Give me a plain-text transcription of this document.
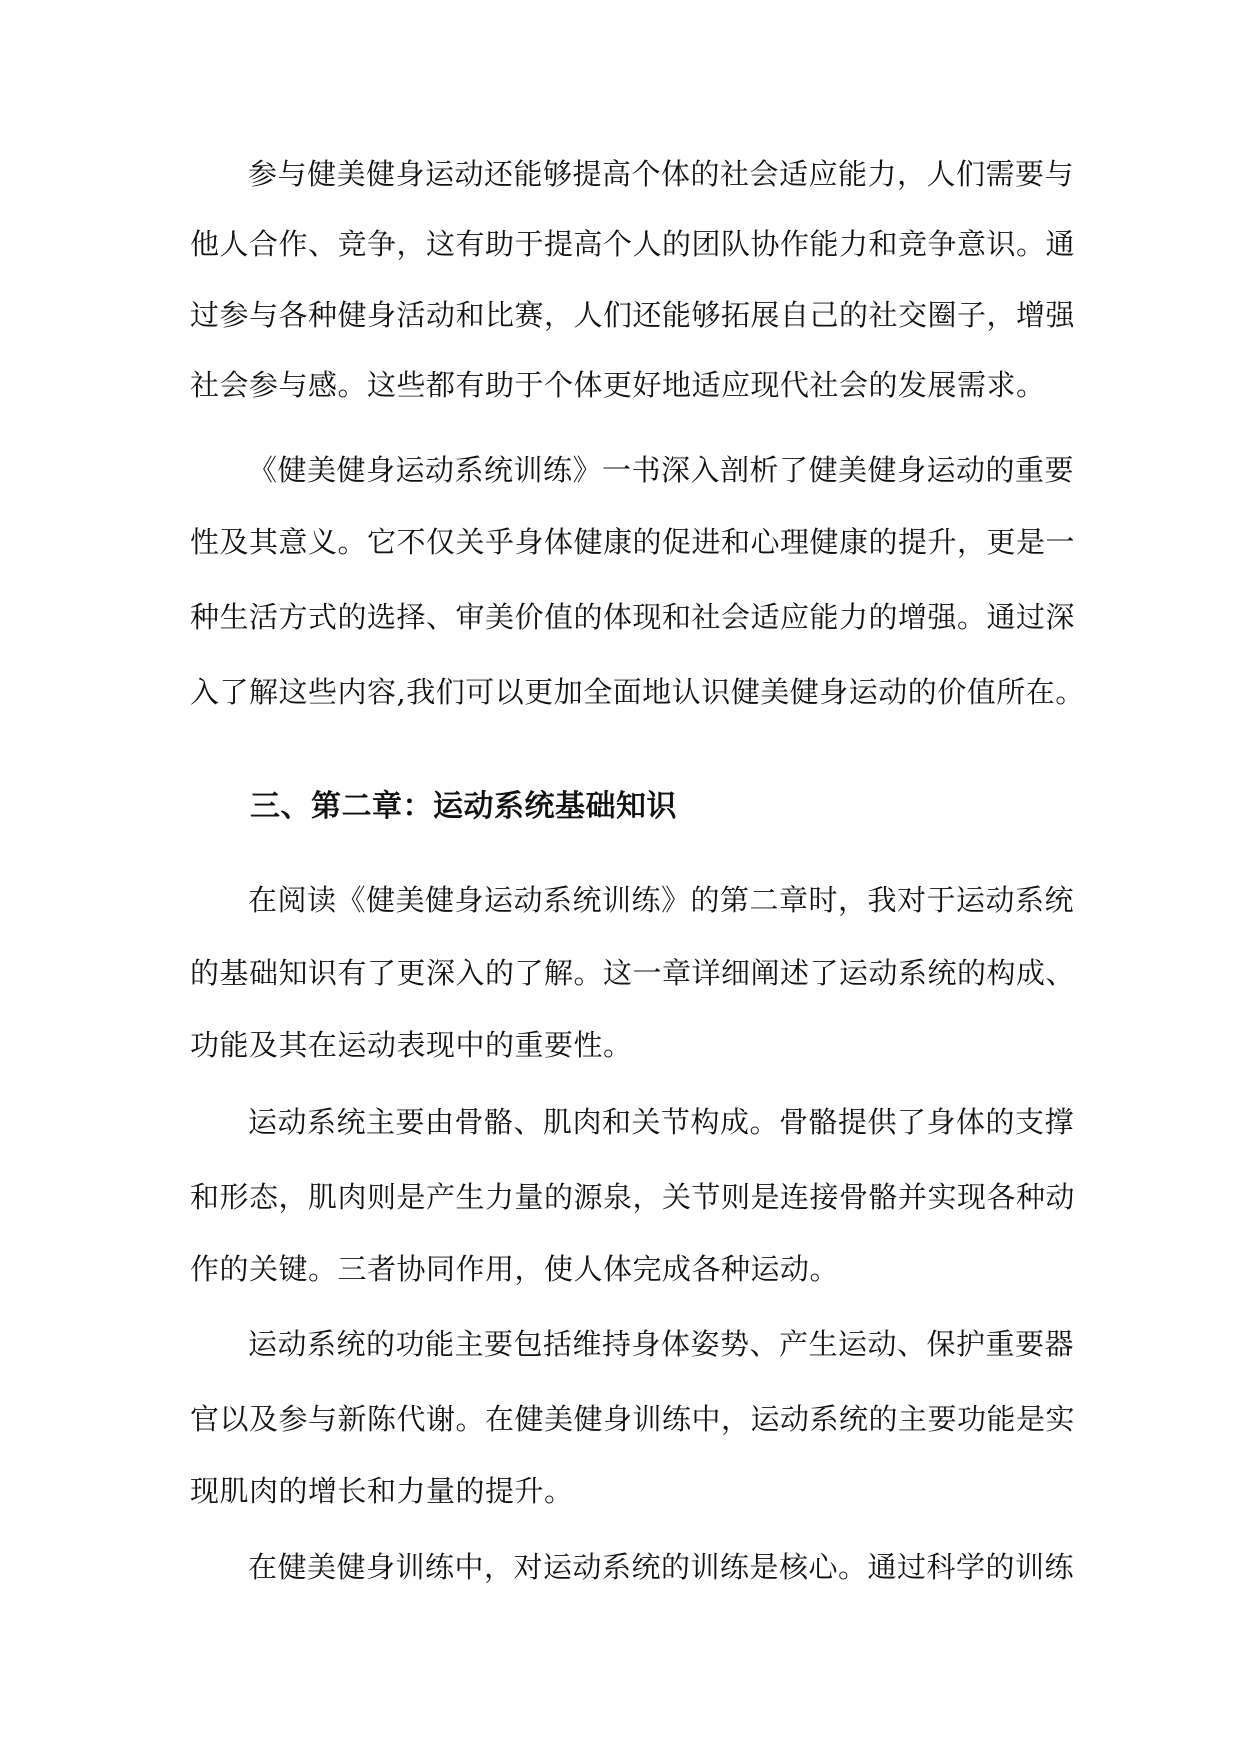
参与健美健身运动还能够提高个体的社会适应能力，人们需要与
他人合作、竞争，这有助于提高个人的团队协作能力和竞争意识。通
过参与各种健身活动和比赛，人们还能够拓展自己的社交圈子，增强
社会参与感。这些都有助于个体更好地适应现代社会的发展需求。
《健美健身运动系统训练》一书深入剖析了健美健身运动的重要
性及其意义。它不仅关乎身体健康的促进和心理健康的提升，更是一
种生活方式的选择、审美价值的体现和社会适应能力的增强。通过深
入了解这些内容,我们可以更加全面地认识健美健身运动的价值所在。
三、第二章：运动系统基础知识
在阅读《健美健身运动系统训练》的第二章时，我对于运动系统
的基础知识有了更深入的了解。这一章详细阐述了运动系统的构成、
功能及其在运动表现中的重要性。
运动系统主要由骨骼、肌肉和关节构成。骨骼提供了身体的支撑
和形态，肌肉则是产生力量的源泉，关节则是连接骨骼并实现各种动
作的关键。三者协同作用，使人体完成各种运动。
运动系统的功能主要包括维持身体姿势、产生运动、保护重要器
官以及参与新陈代谢。在健美健身训练中，运动系统的主要功能是实
现肌肉的增长和力量的提升。
在健美健身训练中，对运动系统的训练是核心。通过科学的训练
